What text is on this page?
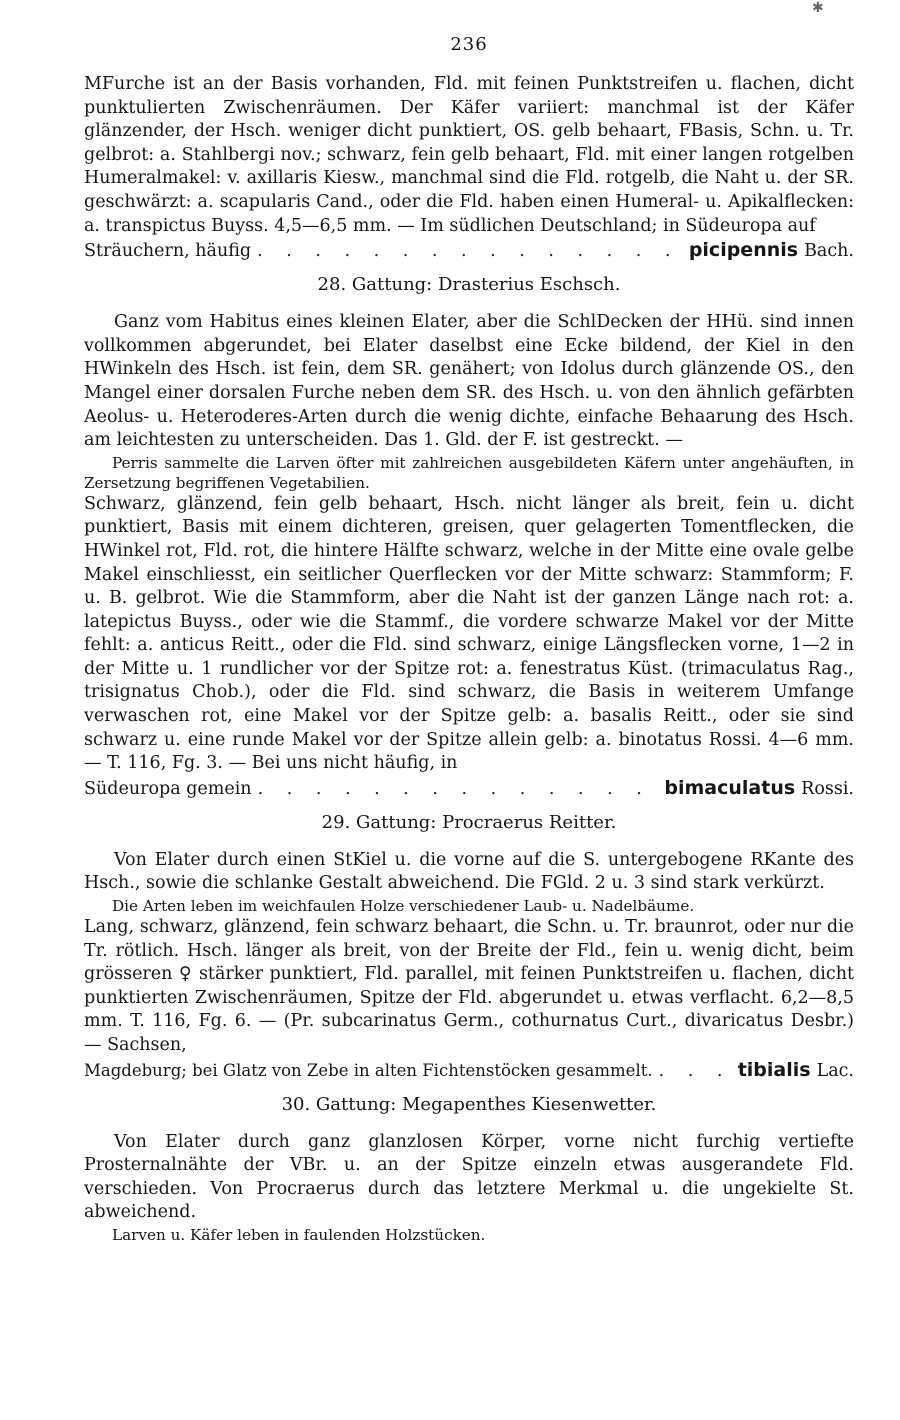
✱
236

MFurche ist an der Basis vorhanden, Fld. mit feinen Punktstreifen u. flachen, dicht punktulierten Zwischenräumen. Der Käfer variiert: manchmal ist der Käfer glänzender, der Hsch. weniger dicht punktiert, OS. gelb behaart, FBasis, Schn. u. Tr. gelbrot: a. Stahlbergi nov.; schwarz, fein gelb behaart, Fld. mit einer langen rotgelben Humeralmakel: v. axillaris Kiesw., manchmal sind die Fld. rotgelb, die Naht u. der SR. geschwärzt: a. scapularis Cand., oder die Fld. haben einen Humeral- u. Apikalflecken: a. transpictus Buyss. 4,5—6,5 mm. — Im südlichen Deutschland; in Südeuropa auf

Sträuchern, häufig . . .	picipennis Bach.
28. Gattung: Drasterius Eschsch.

Ganz vom Habitus eines kleinen Elater, aber die SchlDecken der HHü. sind innen vollkommen abgerundet, bei Elater daselbst eine Ecke bildend, der Kiel in den HWinkeln des Hsch. ist fein, dem SR. genähert; von Idolus durch glänzende OS., den Mangel einer dorsalen Furche neben dem SR. des Hsch. u. von den ähnlich gefärbten Aeolus- u. Heteroderes-Arten durch die wenig dichte, einfache Behaarung des Hsch. am leichtesten zu unterscheiden. Das 1. Gld. der F. ist gestreckt. —

Perris sammelte die Larven öfter mit zahlreichen ausgebildeten Käfern unter angehäuften, in Zersetzung begriffenen Vegetabilien.

Schwarz, glänzend, fein gelb behaart, Hsch. nicht länger als breit, fein u. dicht punktiert, Basis mit einem dichteren, greisen, quer gelagerten Tomentflecken, die HWinkel rot, Fld. rot, die hintere Hälfte schwarz, welche in der Mitte eine ovale gelbe Makel einschliesst, ein seitlicher Querflecken vor der Mitte schwarz: Stammform; F. u. B. gelbrot. Wie die Stammform, aber die Naht ist der ganzen Länge nach rot: a. latepictus Buyss., oder wie die Stammf., die vordere schwarze Makel vor der Mitte fehlt: a. anticus Reitt., oder die Fld. sind schwarz, einige Längsflecken vorne, 1—2 in der Mitte u. 1 rundlicher vor der Spitze rot: a. fenestratus Küst. (trimaculatus Rag., trisignatus Chob.), oder die Fld. sind schwarz, die Basis in weiterem Umfange verwaschen rot, eine Makel vor der Spitze gelb: a. basalis Reitt., oder sie sind schwarz u. eine runde Makel vor der Spitze allein gelb: a. binotatus Rossi. 4—6 mm. — T. 116, Fg. 3. — Bei uns nicht häufig, in

Südeuropa gemein . . .	bimaculatus Rossi.
29. Gattung: Procraerus Reitter.

Von Elater durch einen StKiel u. die vorne auf die S. untergebogene RKante des Hsch., sowie die schlanke Gestalt abweichend. Die FGld. 2 u. 3 sind stark verkürzt.

Die Arten leben im weichfaulen Holze verschiedener Laub- u. Nadelbäume.

Lang, schwarz, glänzend, fein schwarz behaart, die Schn. u. Tr. braunrot, oder nur die Tr. rötlich. Hsch. länger als breit, von der Breite der Fld., fein u. wenig dicht, beim grösseren ♀ stärker punktiert, Fld. parallel, mit feinen Punktstreifen u. flachen, dicht punktierten Zwischenräumen, Spitze der Fld. abgerundet u. etwas verflacht. 6,2—8,5 mm. T. 116, Fg. 6. — (Pr. subcarinatus Germ., cothurnatus Curt., divaricatus Desbr.) — Sachsen,

Magdeburg; bei Glatz von Zebe in alten Fichtenstöcken gesammelt. . . .	tibialis Lac.
30. Gattung: Megapenthes Kiesenwetter.

Von Elater durch ganz glanzlosen Körper, vorne nicht furchig vertiefte Prosternalnähte der VBr. u. an der Spitze einzeln etwas ausgerandete Fld. verschieden. Von Procraerus durch das letztere Merkmal u. die ungekielte St. abweichend.

Larven u. Käfer leben in faulenden Holzstücken.
